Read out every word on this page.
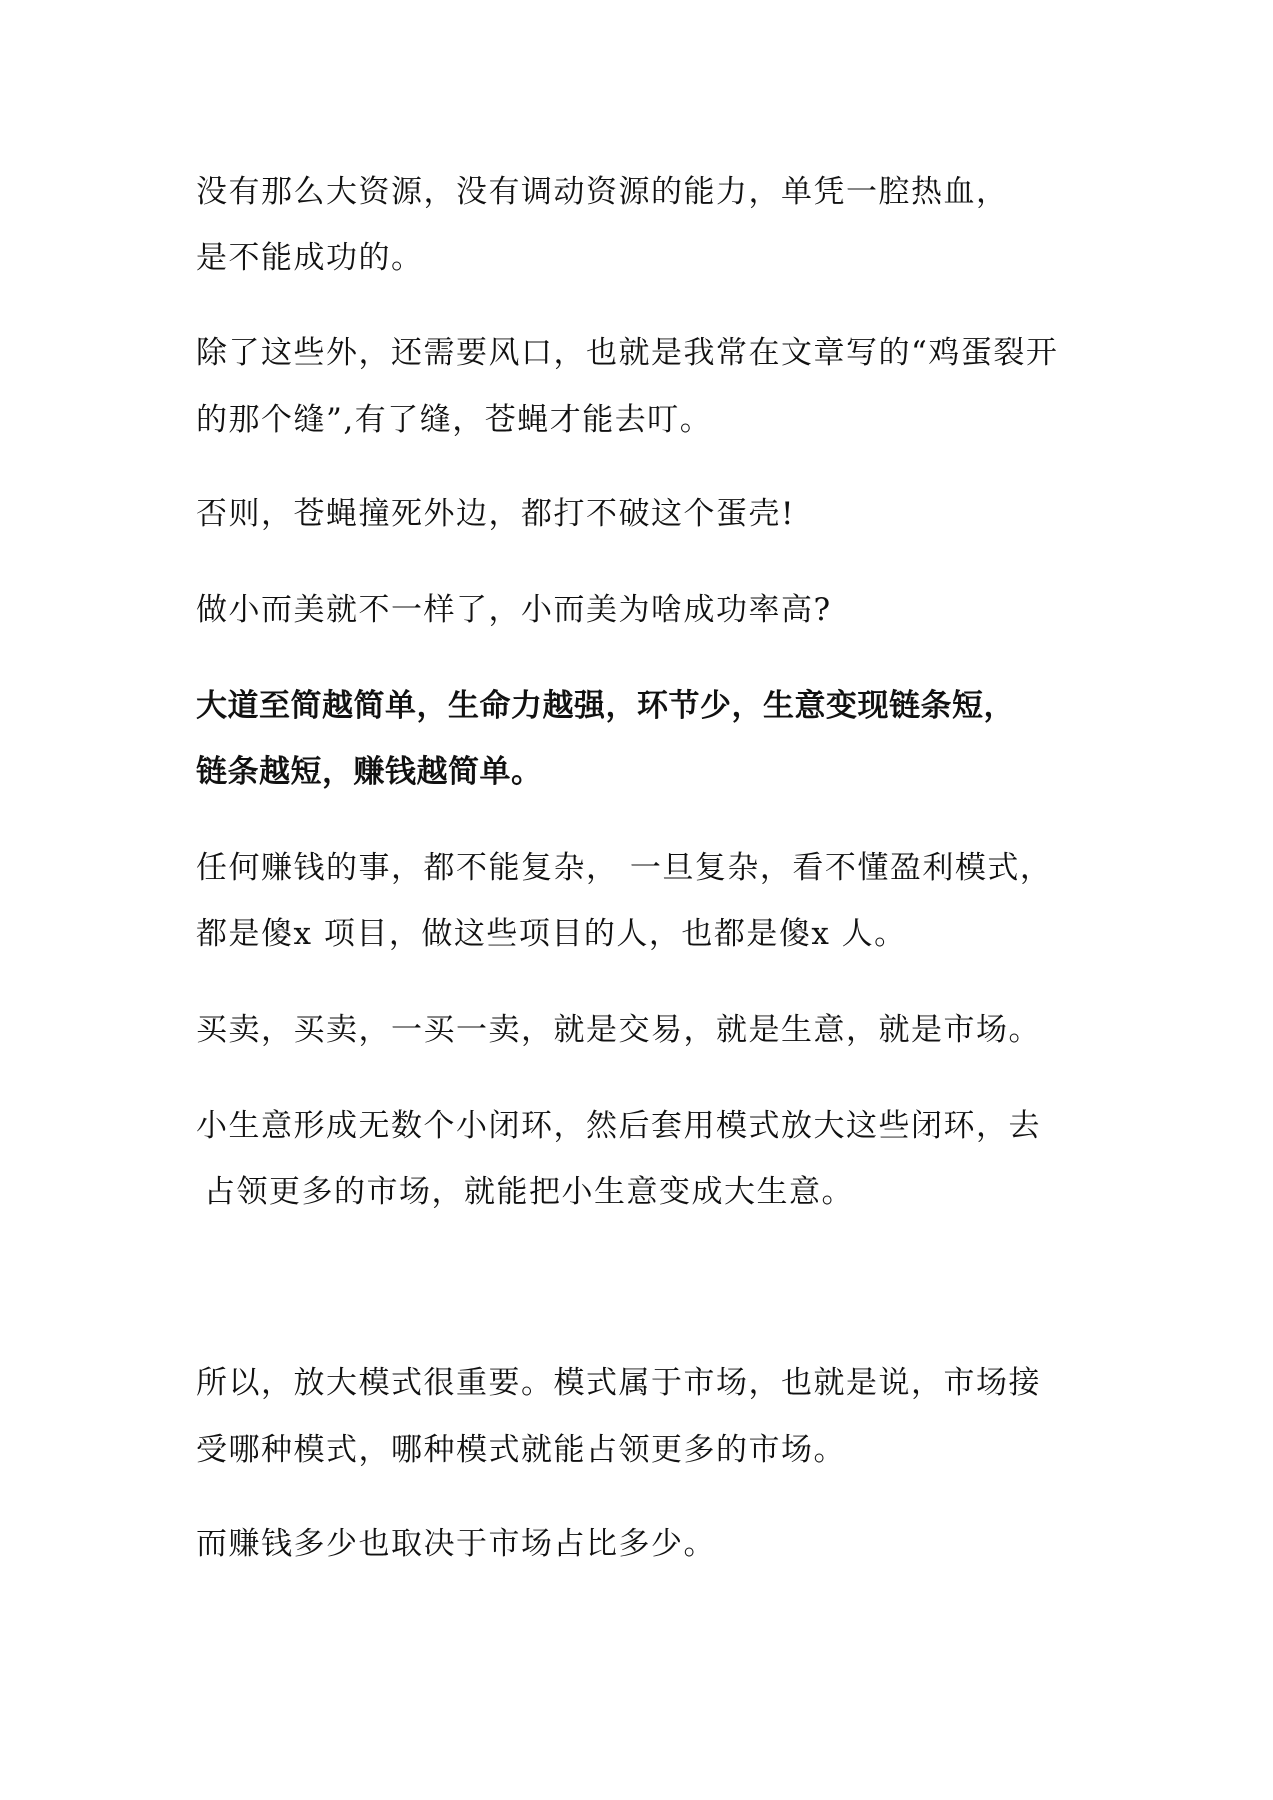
没有那么大资源，没有调动资源的能力，单凭一腔热血，

是不能成功的。

除了这些外，还需要风口，也就是我常在文章写的“鸡蛋裂开

的那个缝”,有了缝，苍蝇才能去叮。

否则，苍蝇撞死外边，都打不破这个蛋壳!

做小而美就不一样了，小而美为啥成功率高?

大道至简越简单，生命力越强，环节少，生意变现链条短，

链条越短，赚钱越简单。

任何赚钱的事，都不能复杂， 一旦复杂，看不懂盈利模式，

都是傻x 项目，做这些项目的人，也都是傻x 人。

买卖，买卖，一买一卖，就是交易，就是生意，就是市场。

小生意形成无数个小闭环，然后套用模式放大这些闭环，去

占领更多的市场，就能把小生意变成大生意。

所以，放大模式很重要。模式属于市场，也就是说，市场接

受哪种模式，哪种模式就能占领更多的市场。

而赚钱多少也取决于市场占比多少。
